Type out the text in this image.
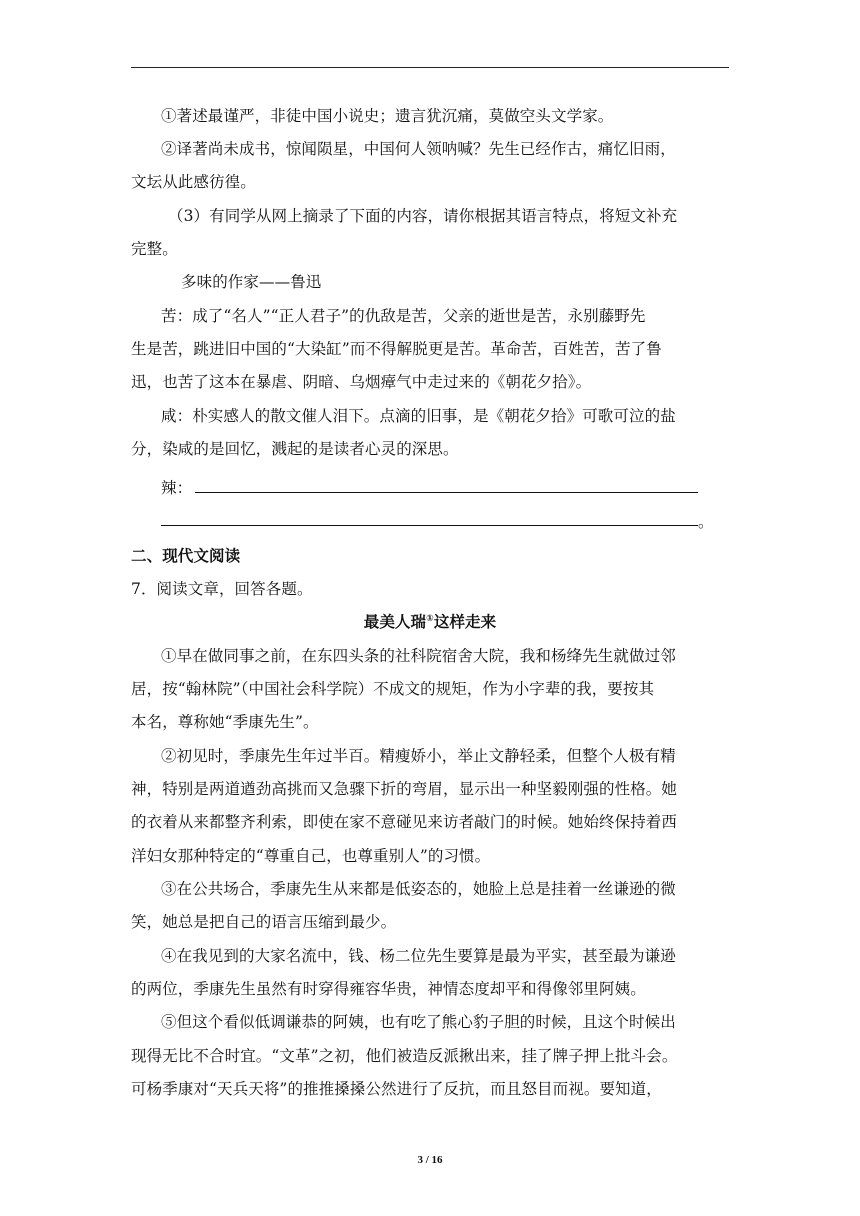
①著述最谨严，非徒中国小说史；遗言犹沉痛，莫做空头文学家。
②译著尚未成书，惊闻陨星，中国何人领呐喊？先生已经作古，痛忆旧雨，
文坛从此感彷徨。
（3）有同学从网上摘录了下面的内容，请你根据其语言特点，将短文补充
完整。
多味的作家——鲁迅
苦：成了“名人”“正人君子”的仇敌是苦，父亲的逝世是苦，永别藤野先
生是苦，跳进旧中国的“大染缸”而不得解脱更是苦。革命苦，百姓苦，苦了鲁
迅，也苦了这本在暴虐、阴暗、乌烟瘴气中走过来的《朝花夕拾》。
咸：朴实感人的散文催人泪下。点滴的旧事，是《朝花夕拾》可歌可泣的盐
分，染咸的是回忆，溅起的是读者心灵的深思。
辣：
。
二、现代文阅读
7．阅读文章，回答各题。
最美人瑞①这样走来
①早在做同事之前，在东四头条的社科院宿舍大院，我和杨绛先生就做过邻
居，按“翰林院”（中国社会科学院）不成文的规矩，作为小字辈的我，要按其
本名，尊称她“季康先生”。
②初见时，季康先生年过半百。精瘦娇小，举止文静轻柔，但整个人极有精
神，特别是两道遒劲高挑而又急骤下折的弯眉，显示出一种坚毅刚强的性格。她
的衣着从来都整齐利索，即使在家不意碰见来访者敲门的时候。她始终保持着西
洋妇女那种特定的“尊重自己，也尊重别人”的习惯。
③在公共场合，季康先生从来都是低姿态的，她脸上总是挂着一丝谦逊的微
笑，她总是把自己的语言压缩到最少。
④在我见到的大家名流中，钱、杨二位先生要算是最为平实，甚至最为谦逊
的两位，季康先生虽然有时穿得雍容华贵，神情态度却平和得像邻里阿姨。
⑤但这个看似低调谦恭的阿姨，也有吃了熊心豹子胆的时候，且这个时候出
现得无比不合时宜。“文革”之初，他们被造反派揪出来，挂了牌子押上批斗会。
可杨季康对“天兵天将”的推推搡搡公然进行了反抗，而且怒目而视。要知道，
3 / 16
